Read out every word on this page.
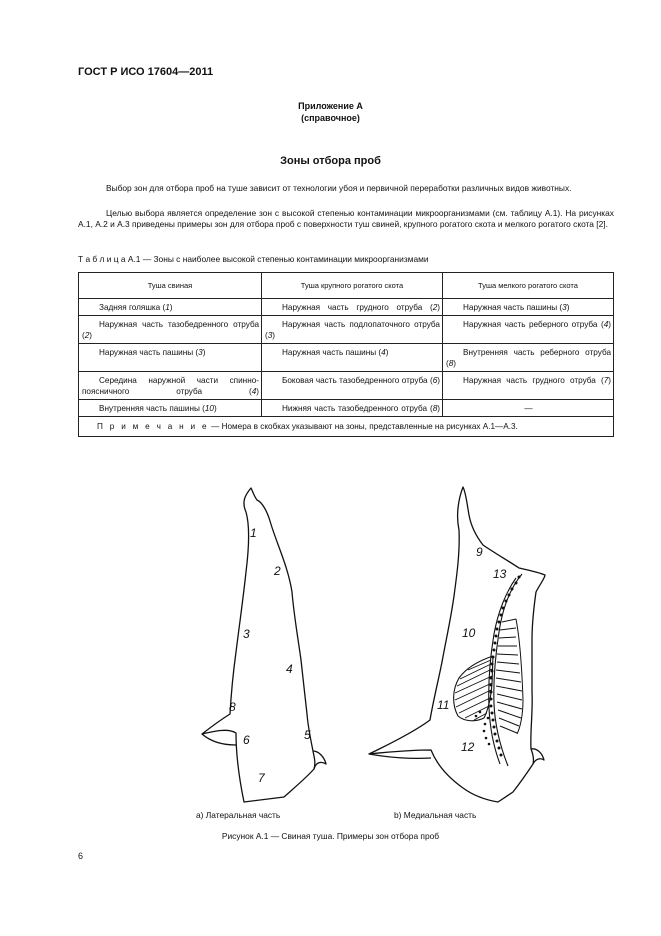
ГОСТ Р ИСО 17604—2011
Приложение А
(справочное)
Зоны отбора проб

Выбор зон для отбора проб на туше зависит от технологии убоя и первичной переработки различных видов животных.

Целью выбора является определение зон с высокой степенью контаминации микроорганизмами (см. таблицу А.1). На рисунках А.1, А.2 и А.3 приведены примеры зон для отбора проб с поверхности туш свиней, крупного рогатого скота и мелкого рогатого скота [2].

Т а б л и ц а А.1 — Зоны с наиболее высокой степенью контаминации микроорганизмами
Туша свиная	Туша крупного рогатого скота	Туша мелкого рогатого скота
Задняя голяшка (1)	Наружная часть грудного отруба (2)	Наружная часть пашины (3)
Наружная часть тазобедренного отруба (2)	Наружная часть подлопаточного отруба (3)	Наружная часть реберного отруба (4)
Наружная часть пашины (3)	Наружная часть пашины (4)	Внутренняя часть реберного отруба (8)
Середина наружной части спинно-поясничного отруба (4)	Боковая часть тазобедренного отруба (6)	Наружная часть грудного отруба (7)
Внутренняя часть пашины (10)	Нижняя часть тазобедренного отруба (8)	—
П р и м е ч а н и е — Номера в скобках указывают на зоны, представленные на рисунках А.1—А.3.		
1
2
3
4
5
6
7
8
9
10
11
12
13
a) Латеральная часть	b) Медиальная часть
Рисунок А.1 — Свиная туша. Примеры зон отбора проб
6
